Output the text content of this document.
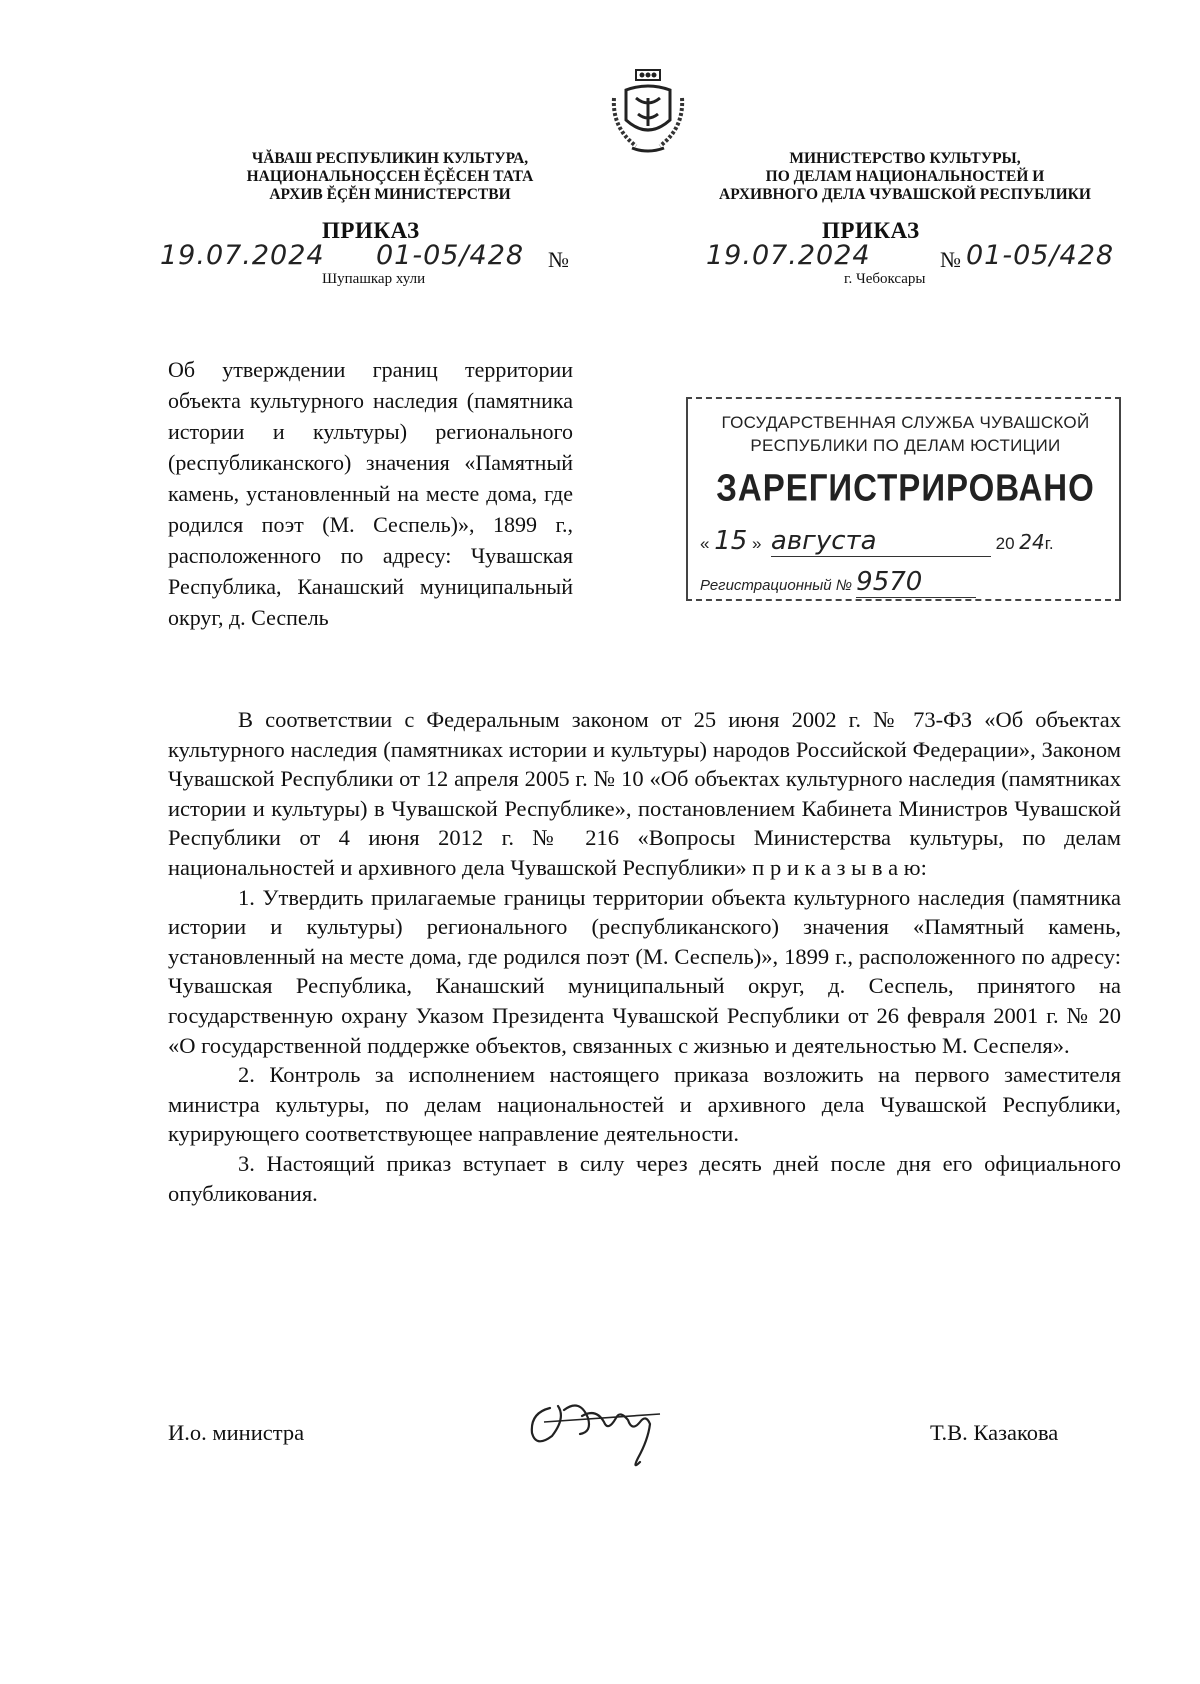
ЧĂВАШ РЕСПУБЛИКИН КУЛЬТУРА,
НАЦИОНАЛЬНОÇСЕН ĔÇĔСЕН ТАТА
АРХИВ ĔÇĔН МИНИСТЕРСТВИ
ПРИКАЗ
19.07.2024 01-05/428 №
Шупашкар хули
МИНИСТЕРСТВО КУЛЬТУРЫ,
ПО ДЕЛАМ НАЦИОНАЛЬНОСТЕЙ И
АРХИВНОГО ДЕЛА ЧУВАШСКОЙ РЕСПУБЛИКИ
ПРИКАЗ
19.07.2024	№ 01-05/428
г. Чебоксары

Об утверждении границ территории объекта культурного наследия (памятника истории и культуры) регионального (республиканского) значения «Памятный камень, установленный на месте дома, где родился поэт (М. Сеспель)», 1899 г., расположенного по адресу: Чувашская Республика, Канашский муниципальный округ, д. Сеспель

ГОСУДАРСТВЕННАЯ СЛУЖБА ЧУВАШСКОЙ
РЕСПУБЛИКИ ПО ДЕЛАМ ЮСТИЦИИ
ЗАРЕГИСТРИРОВАНО
« 15 »  августа	20 24г.
Регистрационный № 9570

В соответствии с Федеральным законом от 25 июня 2002 г. № 73-ФЗ «Об объектах культурного наследия (памятниках истории и культуры) народов Российской Федерации», Законом Чувашской Республики от 12 апреля 2005 г. № 10 «Об объектах культурного наследия (памятниках истории и культуры) в Чувашской Республике», постановлением Кабинета Министров Чувашской Республики от 4 июня 2012 г. № 216 «Вопросы Министерства культуры, по делам национальностей и архивного дела Чувашской Республики» п р и к а з ы в а ю:

1. Утвердить прилагаемые границы территории объекта культурного наследия (памятника истории и культуры) регионального (республиканского) значения «Памятный камень, установленный на месте дома, где родился поэт (М. Сеспель)», 1899 г., расположенного по адресу: Чувашская Республика, Канашский муниципальный округ, д. Сеспель, принятого на государственную охрану Указом Президента Чувашской Республики от 26 февраля 2001 г. № 20 «О государственной поддержке объектов, связанных с жизнью и деятельностью М. Сеспеля».

2. Контроль за исполнением настоящего приказа возложить на первого заместителя министра культуры, по делам национальностей и архивного дела Чувашской Республики, курирующего соответствующее направление деятельности.

3. Настоящий приказ вступает в силу через десять дней после дня его официального опубликования.

И.о. министра	Т.В. Казакова
